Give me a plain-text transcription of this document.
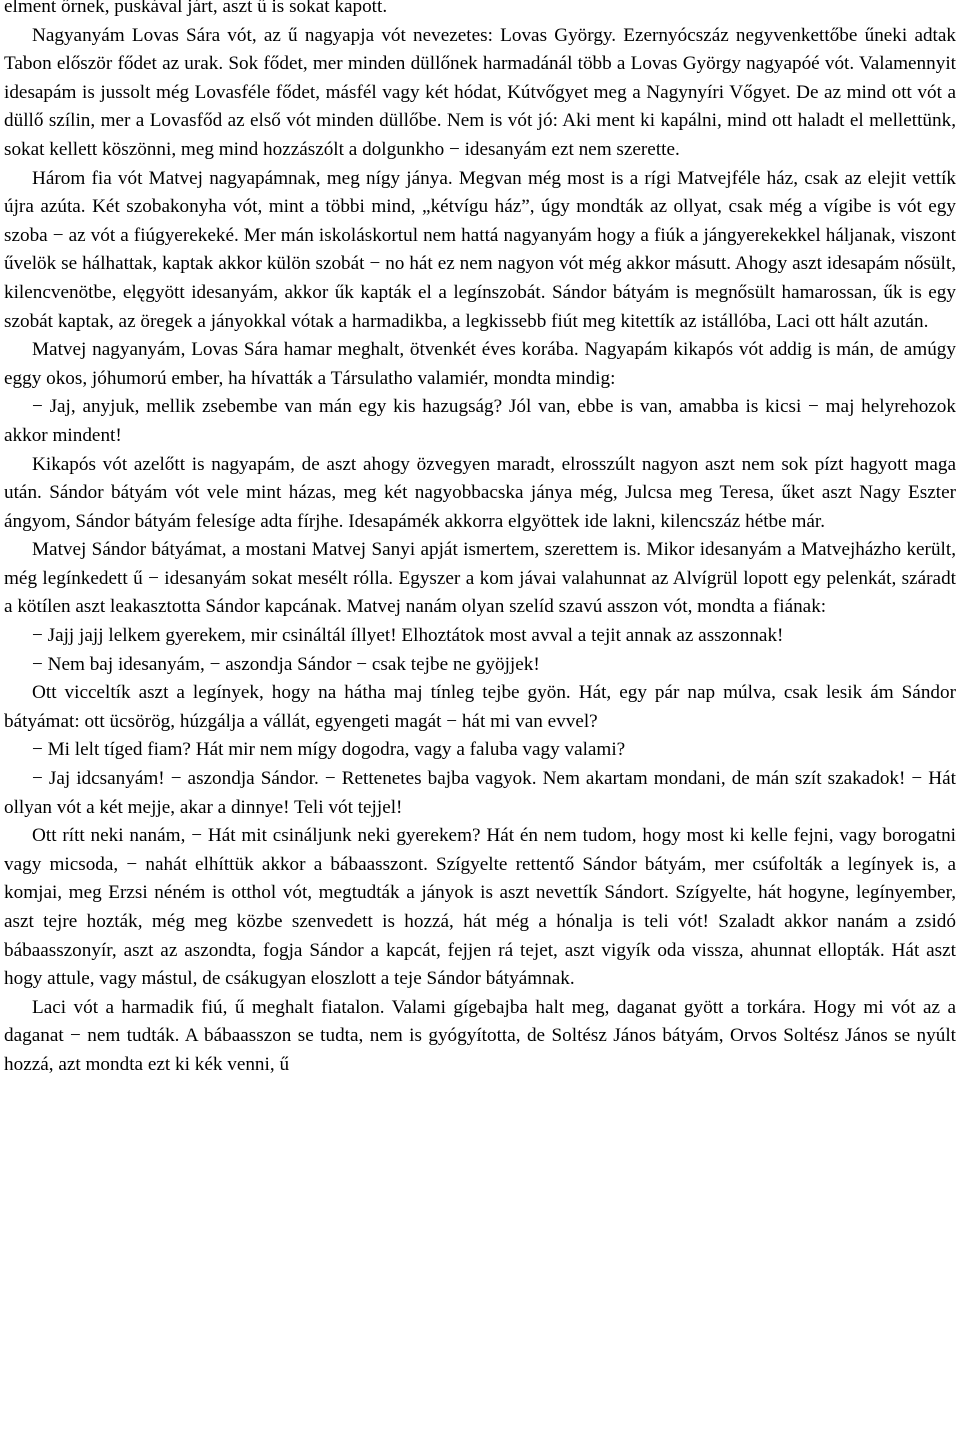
elment őrnek, puskával járt, aszt ű is sokat kapott.

Nagyanyám Lovas Sára vót, az ű nagyapja vót nevezetes: Lovas György. Ezernyócszáz negyvenkettőbe űneki adtak Tabon először fődet az urak. Sok fődet, mer minden düllőnek harmadánál több a Lovas György nagyapóé vót. Valamennyit idesapám is jussolt még Lovasféle fődet, másfél vagy két hódat, Kútvőgyet meg a Nagynyíri Vőgyet. De az mind ott vót a düllő szílin, mer a Lovasfőd az első vót minden düllőbe. Nem is vót jó: Aki ment ki kapálni, mind ott haladt el mellettünk, sokat kellett köszönni, meg mind hozzászólt a dolgunkho − idesanyám ezt nem szerette.

Három fia vót Matvej nagyapámnak, meg nígy jánya. Megvan még most is a rígi Matvejféle ház, csak az elejit vettík újra azúta. Két szobakonyha vót, mint a többi mind, „kétvígu ház”, úgy mondták az ollyat, csak még a vígibe is vót egy szoba − az vót a fiúgyerekeké. Mer mán iskoláskortul nem hattá nagyanyám hogy a fiúk a jángyerekekkel háljanak, viszont űvelök se hálhattak, kaptak akkor külön szobát − no hát ez nem nagyon vót még akkor másutt. Ahogy aszt idesapám nősült, kilencvenötbe, elęgyött idesanyám, akkor űk kapták el a legínszobát. Sándor bátyám is megnősült hamarossan, űk is egy szobát kaptak, az öregek a jányokkal vótak a harmadikba, a legkissebb fiút meg kitettík az istállóba, Laci ott hált azután.

Matvej nagyanyám, Lovas Sára hamar meghalt, ötvenkét éves korába. Nagyapám kikapós vót addig is mán, de amúgy eggy okos, jóhumorú ember, ha hívatták a Társulatho valamiér, mondta mindig:

− Jaj, anyjuk, mellik zsebembe van mán egy kis hazugság? Jól van, ebbe is van, amabba is kicsi − maj helyrehozok akkor mindent!

Kikapós vót azelőtt is nagyapám, de aszt ahogy özvegyen maradt, elrosszúlt nagyon aszt nem sok pízt hagyott maga után. Sándor bátyám vót vele mint házas, meg két nagyobbacska jánya még, Julcsa meg Teresa, űket aszt Nagy Eszter ángyom, Sándor bátyám felesíge adta fírjhe. Idesapámék akkorra elgyöttek ide lakni, kilencszáz hétbe már.

Matvej Sándor bátyámat, a mostani Matvej Sanyi apját ismertem, szerettem is. Mikor idesanyám a Matvejházho került, még legínkedett ű − idesanyám sokat mesélt rólla. Egyszer a kom jávai valahunnat az Alvígrül lopott egy pelenkát, száradt a kötílen aszt leakasztotta Sándor kapcának. Matvej nanám olyan szelíd szavú asszon vót, mondta a fiának:

− Jajj jajj lelkem gyerekem, mir csináltál íllyet! Elhoztátok most avval a tejit annak az asszonnak!

− Nem baj idesanyám, − aszondja Sándor − csak tejbe ne gyöjjek!

Ott vicceltík aszt a legínyek, hogy na hátha maj tínleg tejbe gyön. Hát, egy pár nap múlva, csak lesik ám Sándor bátyámat: ott ücsörög, húzgálja a vállát, egyengeti magát − hát mi van evvel?

− Mi lelt tíged fiam? Hát mir nem mígy dogodra, vagy a faluba vagy valami?

− Jaj idcsanyám! − aszondja Sándor. − Rettenetes bajba vagyok. Nem akartam mondani, de mán szít szakadok! − Hát ollyan vót a két mejje, akar a dinnye! Teli vót tejjel!

Ott rítt neki nanám, − Hát mit csináljunk neki gyerekem? Hát én nem tudom, hogy most ki kelle fejni, vagy borogatni vagy micsoda, − nahát elhíttük akkor a bábaasszont. Szígyelte rettentő Sándor bátyám, mer csúfolták a legínyek is, a komjai, meg Erzsi néném is otthol vót, megtudták a jányok is aszt nevettík Sándort. Szígyelte, hát hogyne, legínyember, aszt tejre hozták, még meg közbe szenvedett is hozzá, hát még a hónalja is teli vót! Szaladt akkor nanám a zsidó bábaasszonyír, aszt az aszondta, fogja Sándor a kapcát, fejjen rá tejet, aszt vigyík oda vissza, ahunnat ellopták. Hát aszt hogy attule, vagy mástul, de csákugyan eloszlott a teje Sándor bátyámnak.

Laci vót a harmadik fiú, ű meghalt fiatalon. Valami gígebajba halt meg, daganat gyött a torkára. Hogy mi vót az a daganat − nem tudták. A bábaasszon se tudta, nem is gyógyította, de Soltész János bátyám, Orvos Soltész János se nyúlt hozzá, azt mondta ezt ki kék venni, ű
